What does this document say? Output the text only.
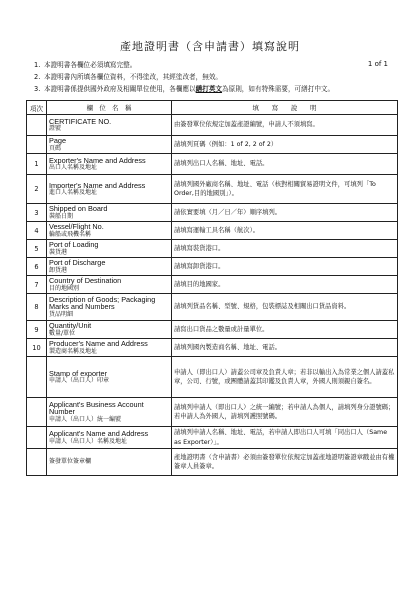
產地證明書（含申請書）填寫說明
1 of 1
1. 本證明書各欄位必須填寫完整。
2. 本證明書內所填各欄位資料，不得塗改，其經塗改者，無效。
3. 本證明書係提供國外政府及相關單位使用，各欄應以繕打英文為原則，如有特殊需要，可繕打中文。
項次	欄　位　名　稱	填　　寫　　說　　明

	CERTIFICATE NO.
證號	由簽發單位依規定加蓋產證編號，申請人不須填寫。

	Page
頁碼	請填列頁碼（例如：1 of 2, 2 of 2）
1	Exporter's Name and Address
出口人名稱及地址	請填列出口人名稱、地址、電話。
2	Importer's Name and Address
進口人名稱及地址	請填列國外廠商名稱、地址、電話（核對相關貿易證明文件，可填列「To Order,目的地國別」）。
3	Shipped on Board
裝船日期	請依實要填（月／日／年）順序填列。
4	Vessel/Flight No.
輪船或飛機名稱	請填寫運輸工具名稱（航次）。
5	Port of Loading
裝貨港	請填寫裝貨港口。
6	Port of Discharge
卸貨港	請填寫卸貨港口。
7	Country of Destination
目的地國別	請填目的地國家。
8	Description of Goods; Packaging Marks and Numbers
貨品明細	請填列貨品名稱、型號、規格，包裝標誌及相關出口貨品資料。
9	Quantity/Unit
數量/單位	請寫出口貨品之數量或計量單位。
10	Producer's Name and Address
製造商名稱及地址	請填列國內製造商名稱、地址、電話。

	Stamp of exporter
申請人（出口人）印章	申請人（即出口人）請蓋公司章及負責人章；若非以輸出入為常業之個人請蓋私章，公司、行號，或團體請蓋其印鑑及負責人章，外國人則須親自簽名。

	Applicant's Business Account Number
申請人（出口人）統一編號	請填列申請人（即出口人）之統一編號；若申請人為個人，請填列身分證號碼；若申請人為外國人，請填列護照號碼。

	Applicant's Name and Address
申請人（出口人）名稱及地址	請填列申請人名稱、地址、電話，若申請人即出口人可填「同出口人（Same as Exporter）」。

	簽發單位簽章欄	產地證明書（含申請書）必須由簽發單位依規定加蓋產地證明簽證章戳並由有權簽章人員簽章。
